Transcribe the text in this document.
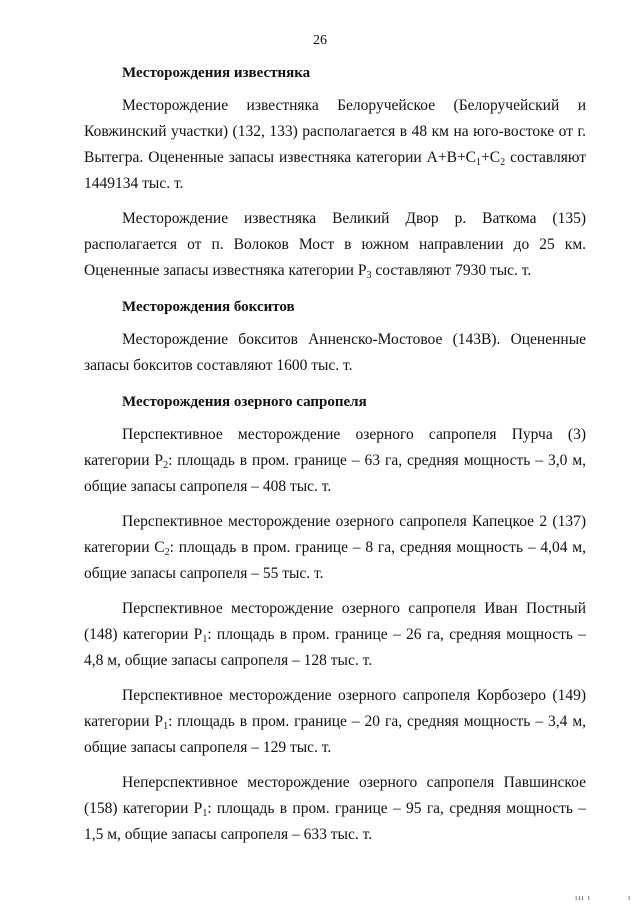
26
Месторождения известняка

Месторождение известняка Белоручейское (Белоручейский и Ковжинский участки) (132, 133) располагается в 48 км на юго-востоке от г. Вытегра. Оцененные запасы известняка категории $А+В+С_1+С_2$ составляют 1449134 тыс. т.

Месторождение известняка Великий Двор р. Ваткома (135) располагается от п. Волоков Мост в южном направлении до 25 км. Оцененные запасы известняка категории $Р_3$ составляют 7930 тыс. т.

Месторождения бокситов

Месторождение бокситов Анненско-Мостовое (143В). Оцененные запасы бокситов составляют 1600 тыс. т.

Месторождения озерного сапропеля

Перспективное месторождение озерного сапропеля Пурча (3) категории $Р_2$: площадь в пром. границе – 63 га, средняя мощность – 3,0 м, общие запасы сапропеля – 408 тыс. т.

Перспективное месторождение озерного сапропеля Капецкое 2 (137) категории $С_2$: площадь в пром. границе – 8 га, средняя мощность – 4,04 м, общие запасы сапропеля – 55 тыс. т.

Перспективное месторождение озерного сапропеля Иван Постный (148) категории $Р_1$: площадь в пром. границе – 26 га, средняя мощность – 4,8 м, общие запасы сапропеля – 128 тыс. т.

Перспективное месторождение озерного сапропеля Корбозеро (149) категории $Р_1$: площадь в пром. границе – 20 га, средняя мощность – 3,4 м, общие запасы сапропеля – 129 тыс. т.

Неперспективное месторождение озерного сапропеля Павшинское (158) категории $Р_1$: площадь в пром. границе – 95 га, средняя мощность – 1,5 м, общие запасы сапропеля – 633 тыс. т.

ııı ı	ı
